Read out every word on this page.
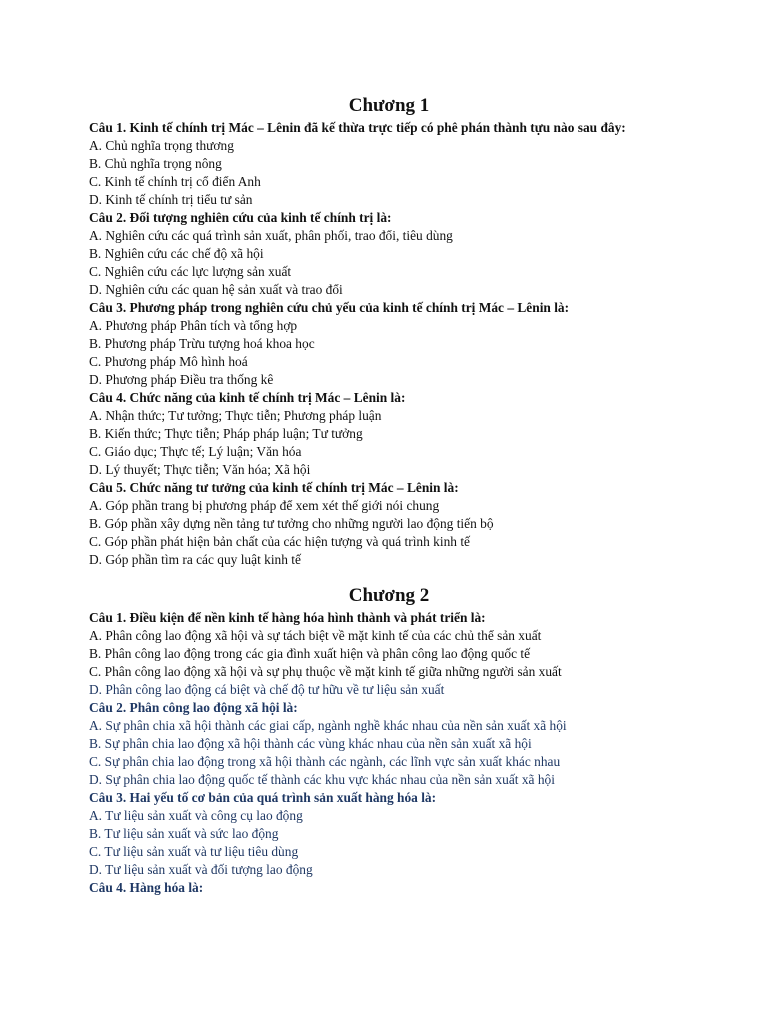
Chương 1

Câu 1. Kinh tế chính trị Mác – Lênin đã kế thừa trực tiếp có phê phán thành tựu nào sau đây:

A. Chủ nghĩa trọng thương

B. Chủ nghĩa trọng nông

C. Kinh tế chính trị cổ điển Anh

D. Kinh tế chính trị tiểu tư sản

Câu 2. Đối tượng nghiên cứu của kinh tế chính trị là:

A. Nghiên cứu các quá trình sản xuất, phân phối, trao đổi, tiêu dùng

B. Nghiên cứu các chế độ xã hội

C. Nghiên cứu các lực lượng sản xuất

D. Nghiên cứu các quan hệ sản xuất và trao đổi

Câu 3. Phương pháp trong nghiên cứu chủ yếu của kinh tế chính trị Mác – Lênin là:

A. Phương pháp Phân tích và tổng hợp

B. Phương pháp Trừu tượng hoá khoa học

C. Phương pháp Mô hình hoá

D. Phương pháp Điều tra thống kê

Câu 4. Chức năng của kinh tế chính trị Mác – Lênin là:

A. Nhận thức; Tư tưởng; Thực tiễn; Phương pháp luận

B. Kiến thức; Thực tiễn; Pháp pháp luận; Tư tưởng

C. Giáo dục; Thực tế; Lý luận; Văn hóa

D. Lý thuyết; Thực tiễn; Văn hóa; Xã hội

Câu 5. Chức năng tư tưởng của kinh tế chính trị Mác – Lênin là:

A. Góp phần trang bị phương pháp để xem xét thế giới nói chung

B. Góp phần xây dựng nền tảng tư tưởng cho những người lao động tiến bộ

C. Góp phần phát hiện bản chất của các hiện tượng và quá trình kinh tế

D. Góp phần tìm ra các quy luật kinh tế

Chương 2

Câu 1. Điều kiện để nền kinh tế hàng hóa hình thành và phát triển là:

A. Phân công lao động xã hội và sự tách biệt về mặt kinh tế của các chủ thể sản xuất

B. Phân công lao động trong các gia đình xuất hiện và phân công lao động quốc tế

C. Phân công lao động xã hội và sự phụ thuộc về mặt kinh tế giữa những người sản xuất

D. Phân công lao động cá biệt và chế độ tư hữu về tư liệu sản xuất

Câu 2. Phân công lao động xã hội là:

A. Sự phân chia xã hội thành các giai cấp, ngành nghề khác nhau của nền sản xuất xã hội

B. Sự phân chia lao động xã hội thành các vùng khác nhau của nền sản xuất xã hội

C. Sự phân chia lao động trong xã hội thành các ngành, các lĩnh vực sản xuất khác nhau

D. Sự phân chia lao động quốc tế thành các khu vực khác nhau của nền sản xuất xã hội

Câu 3. Hai yếu tố cơ bản của quá trình sản xuất hàng hóa là:

A. Tư liệu sản xuất và công cụ lao động

B. Tư liệu sản xuất và sức lao động

C. Tư liệu sản xuất và tư liệu tiêu dùng

D. Tư liệu sản xuất và đối tượng lao động

Câu 4. Hàng hóa là:
